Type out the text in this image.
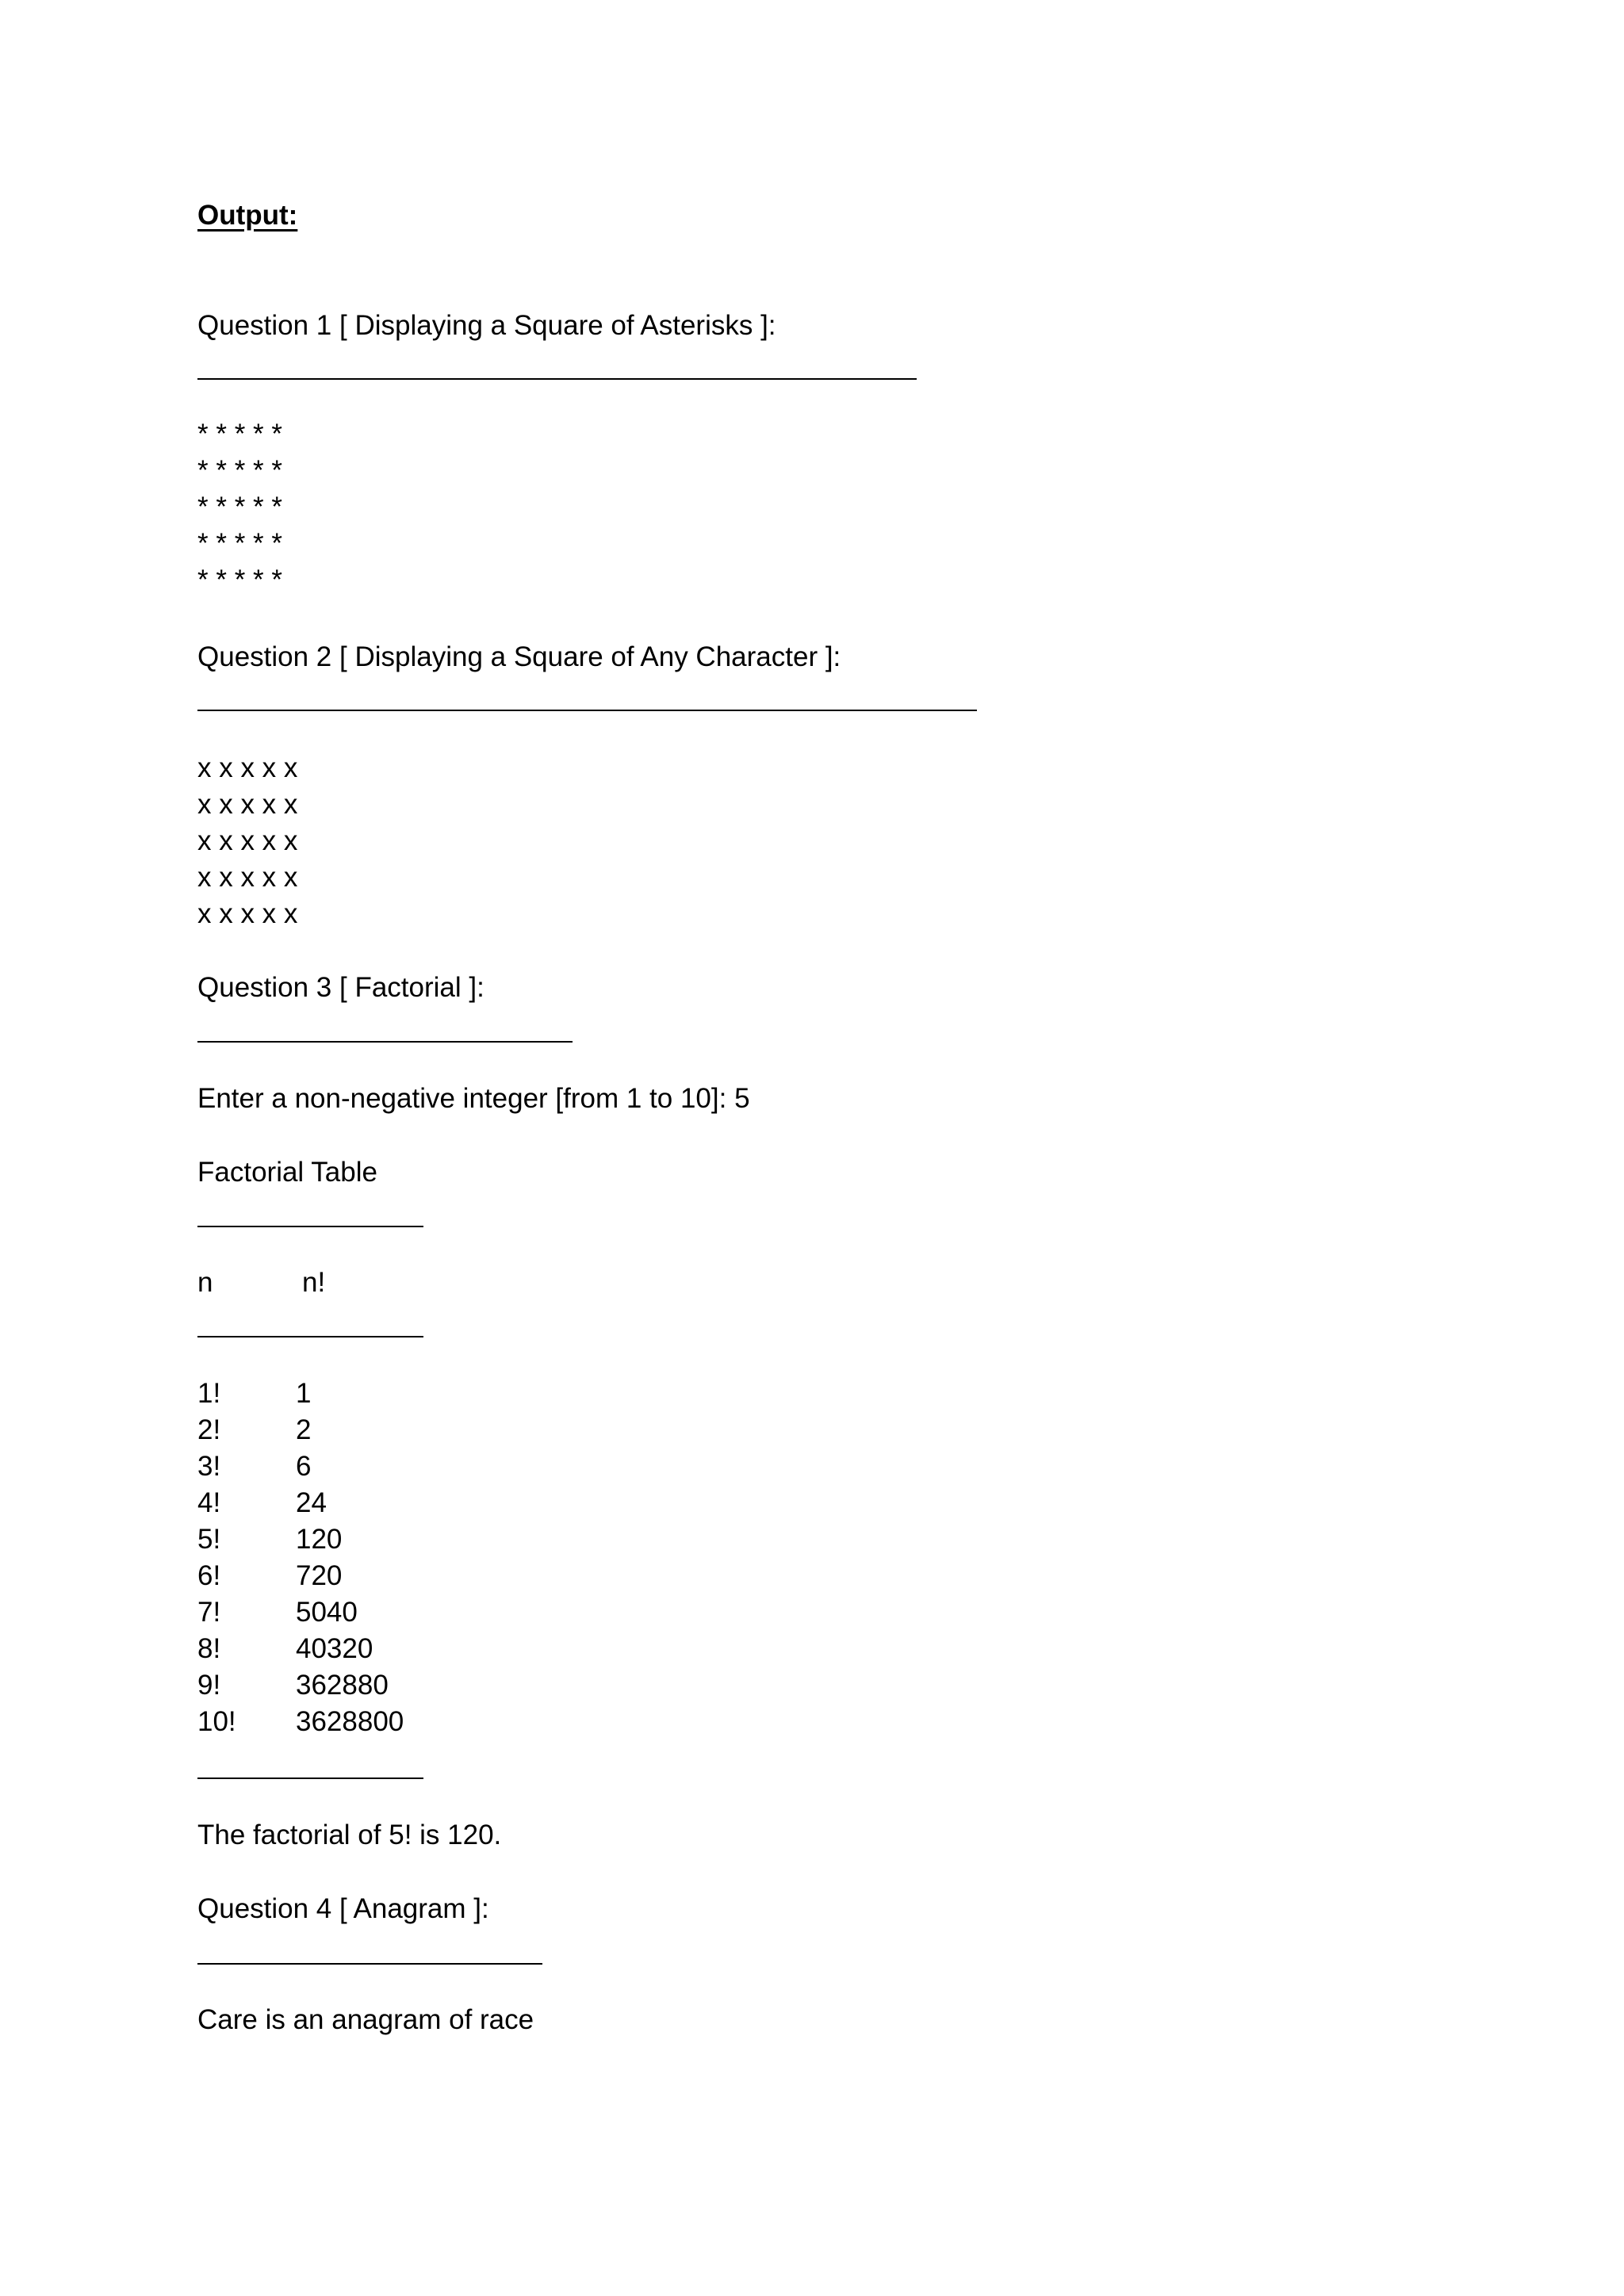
Output:

Question 1 [ Displaying a Square of Asterisks ]:

* * * * *

* * * * *

* * * * *

* * * * *

* * * * *

Question 2 [ Displaying a Square of Any Character ]:

x x x x x

x x x x x

x x x x x

x x x x x

x x x x x

Question 3 [ Factorial ]:

Enter a non-negative integer [from 1 to 10]: 5

Factorial Table

n	n!

1!	1

2!	2

3!	6

4!	24

5!	120

6!	720

7!	5040

8!	40320

9!	362880

10! 3628800

The factorial of 5! is 120.

Question 4 [ Anagram ]:

Care is an anagram of race
